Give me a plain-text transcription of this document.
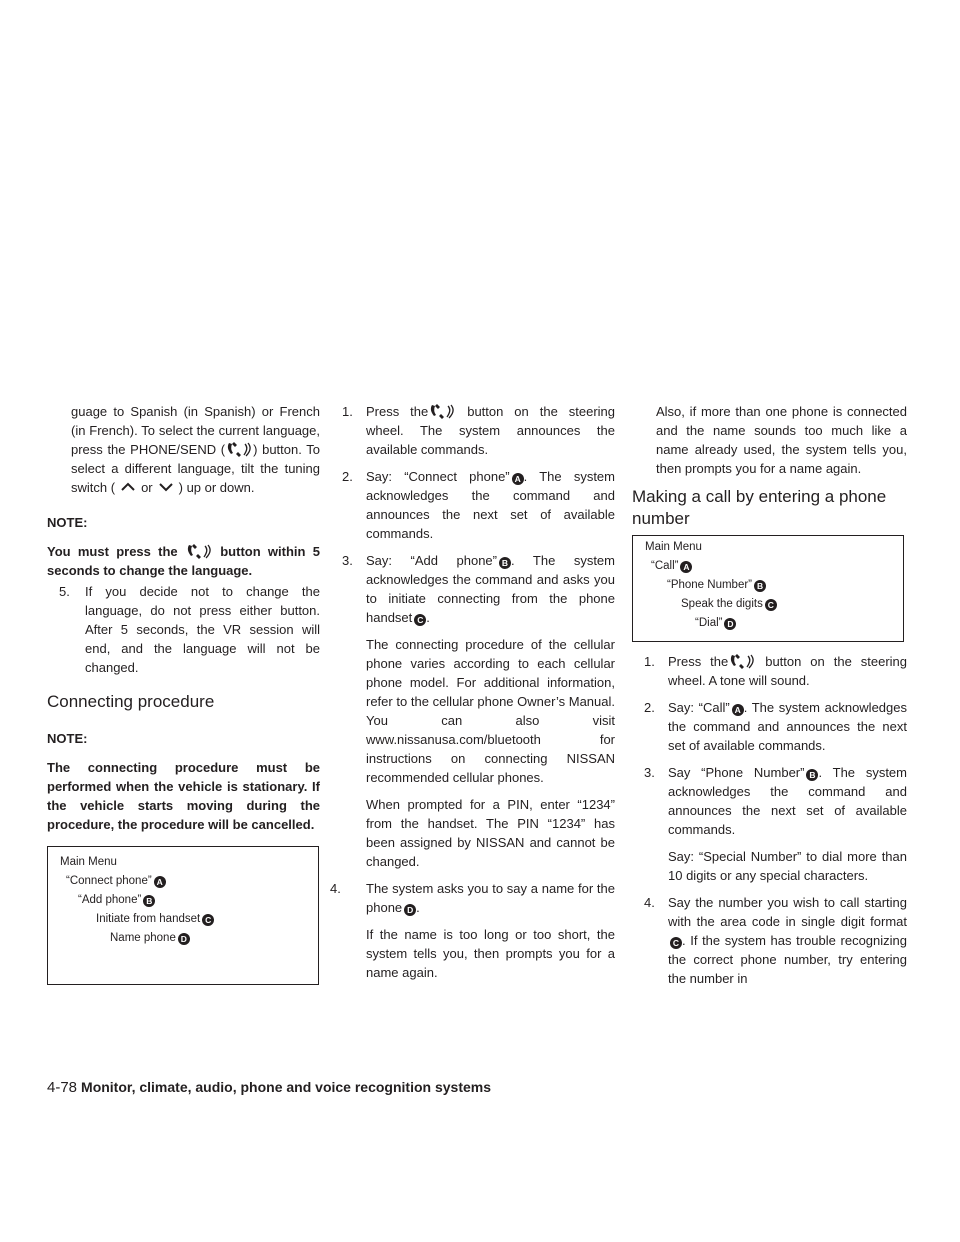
guage to Spanish (in Spanish) or French (in French). To select the current language, press the PHONE/SEND ( ) button. To select a different language, tilt the tuning switch ( or ) up or down.

NOTE:

You must press the	button within 5 seconds to change the language.

5. If you decide not to change the language, do not press either button. After 5 seconds, the VR session will end, and the language will not be changed.

Connecting procedure

NOTE:

The connecting procedure must be performed when the vehicle is stationary. If the vehicle starts moving during the procedure, the procedure will be cancelled.

Main Menu
“Connect phone” A
“Add phone” B
Initiate from handset C
Name phone D
1. Press the	button on the steering wheel. The system announces the available commands.

2. Say: “Connect phone” A . The system acknowledges the command and announces the next set of available commands.

3. Say: “Add phone” B . The system acknowledges the command and asks you to initiate connecting from the phone handset C .

The connecting procedure of the cellular phone varies according to each cellular phone model. For additional information, refer to the cellular phone Owner’s Manual. You can also visit www.nissanusa.com/bluetooth for instructions on connecting NISSAN recommended cellular phones.

When prompted for a PIN, enter “1234” from the handset. The PIN “1234” has been assigned by NISSAN and cannot be changed.

4.	The system asks you to say a name for the phone D .

If the name is too long or too short, the system tells you, then prompts you for a name again.

Also, if more than one phone is connected and the name sounds too much like a name already used, the system tells you, then prompts you for a name again.

Making a call by entering a phone number
Main Menu
“Call” A
“Phone Number” B
Speak the digits C
“Dial” D
1. Press the	button on the steering wheel. A tone will sound.

2. Say: “Call” A . The system acknowledges the command and announces the next set of available commands.

3. Say “Phone Number” B . The system acknowledges the command and announces the next set of available commands.

Say: “Special Number” to dial more than 10 digits or any special characters.

4. Say the number you wish to call starting with the area code in single digit formatC . If the system has trouble recognizing the correct phone number, try entering the number in

4-78 Monitor, climate, audio, phone and voice recognition systems
